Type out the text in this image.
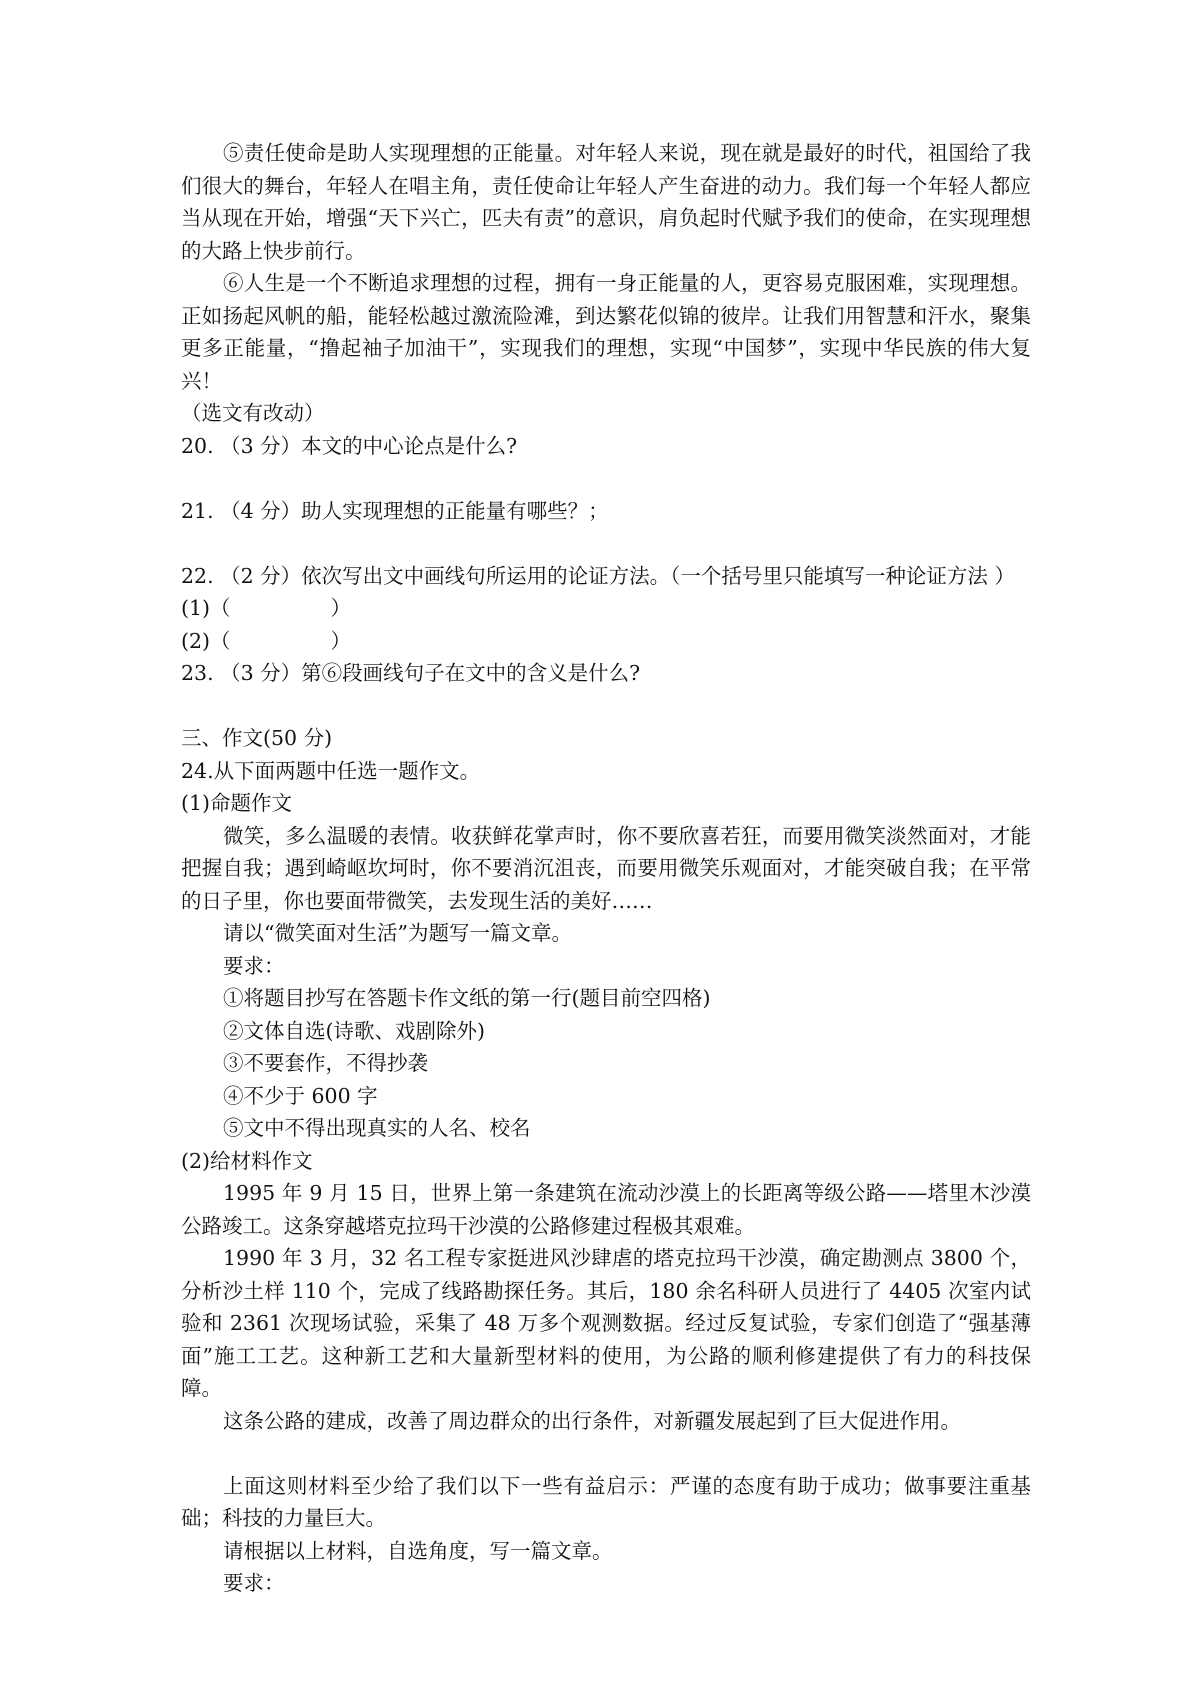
⑤责任使命是助人实现理想的正能量。对年轻人来说，现在就是最好的时代，祖国给了我们很大的舞台，年轻人在唱主角，责任使命让年轻人产生奋进的动力。我们每一个年轻人都应当从现在开始，增强“天下兴亡，匹夫有责”的意识，肩负起时代赋予我们的使命，在实现理想的大路上快步前行。

⑥人生是一个不断追求理想的过程，拥有一身正能量的人，更容易克服困难，实现理想。正如扬起风帆的船，能轻松越过激流险滩，到达繁花似锦的彼岸。让我们用智慧和汗水，聚集更多正能量，“撸起袖子加油干”，实现我们的理想，实现“中国梦”，实现中华民族的伟大复兴！

（选文有改动）

20. （3 分）本文的中心论点是什么?

21. （4 分）助人实现理想的正能量有哪些？；

22. （2 分）依次写出文中画线句所运用的论证方法。（一个括号里只能填写一种论证方法 ）

(1)（	）

(2)（	）

23. （3 分）第⑥段画线句子在文中的含义是什么?

三、作文(50 分)

24.从下面两题中任选一题作文。

(1)命题作文

微笑，多么温暖的表情。收获鲜花掌声时，你不要欣喜若狂，而要用微笑淡然面对，才能把握自我；遇到崎岖坎坷时，你不要消沉沮丧，而要用微笑乐观面对，才能突破自我；在平常的日子里，你也要面带微笑，去发现生活的美好……

请以“微笑面对生活”为题写一篇文章。

要求：

①将题目抄写在答题卡作文纸的第一行(题目前空四格)

②文体自选(诗歌、戏剧除外)

③不要套作，不得抄袭

④不少于 600 字

⑤文中不得出现真实的人名、校名

(2)给材料作文

1995 年 9 月 15 日，世界上第一条建筑在流动沙漠上的长距离等级公路——塔里木沙漠公路竣工。这条穿越塔克拉玛干沙漠的公路修建过程极其艰难。

1990 年 3 月，32 名工程专家挺进风沙肆虐的塔克拉玛干沙漠，确定勘测点 3800 个，分析沙土样 110 个，完成了线路勘探任务。其后，180 余名科研人员进行了 4405 次室内试验和 2361 次现场试验，采集了 48 万多个观测数据。经过反复试验，专家们创造了“强基薄面”施工工艺。这种新工艺和大量新型材料的使用，为公路的顺利修建提供了有力的科技保障。

这条公路的建成，改善了周边群众的出行条件，对新疆发展起到了巨大促进作用。

上面这则材料至少给了我们以下一些有益启示：严谨的态度有助于成功；做事要注重基础；科技的力量巨大。

请根据以上材料，自选角度，写一篇文章。

要求：
